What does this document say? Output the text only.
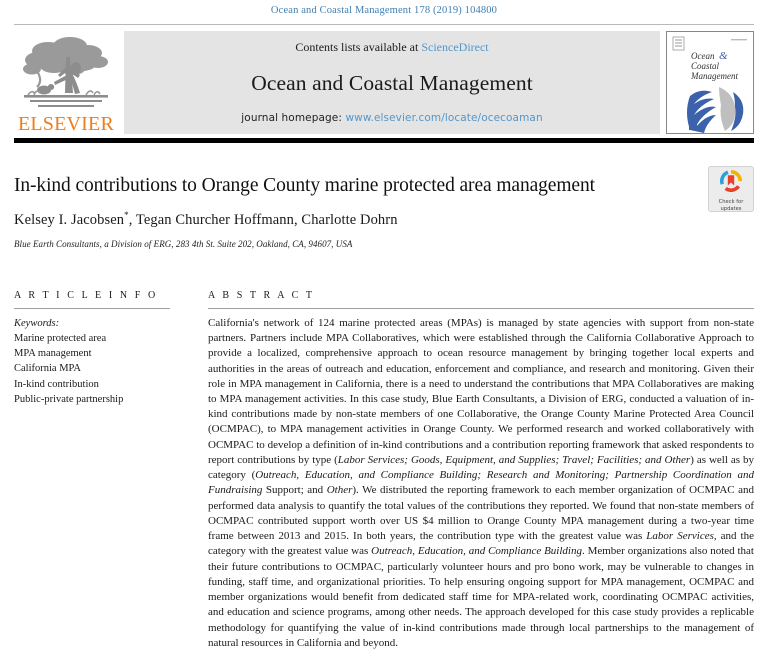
Ocean and Coastal Management 178 (2019) 104800
ELSEVIER
Contents lists available at ScienceDirect
Ocean and Coastal Management
journal homepage: www.elsevier.com/locate/ocecoaman
Ocean &
Coastal
Management
In-kind contributions to Orange County marine protected area management
Kelsey I. Jacobsen*, Tegan Churcher Hoffmann, Charlotte Dohrn
Blue Earth Consultants, a Division of ERG, 283 4th St. Suite 202, Oakland, CA, 94607, USA
Check for
updates
A R T I C L E I N F O
Keywords:
Marine protected area
MPA management
California MPA
In-kind contribution
Public-private partnership
A B S T R A C T
California's network of 124 marine protected areas (MPAs) is managed by state agencies with support from non-state partners. Partners include MPA Collaboratives, which were established through the California Collaborative Approach to provide a localized, comprehensive approach to ocean resource management by bringing together local experts and authorities in the areas of outreach and education, enforcement and compliance, and research and monitoring. Given their role in MPA management in California, there is a need to understand the contributions that MPA Collaboratives are making to MPA management activities. In this case study, Blue Earth Consultants, a Division of ERG, conducted a valuation of in-kind contributions made by non-state members of one Collaborative, the Orange County Marine Protected Area Council (OCMPAC), to MPA management activities in Orange County. We performed research and worked collaboratively with OCMPAC to develop a definition of in-kind contributions and a contribution reporting framework that asked respondents to report contributions by type (Labor Services; Goods, Equipment, and Supplies; Travel; Facilities; and Other) as well as by category (Outreach, Education, and Compliance Building; Research and Monitoring; Partnership Coordination and Fundraising Support; and Other). We distributed the reporting framework to each member organization of OCMPAC and performed data analysis to quantify the total values of the contributions they reported. We found that non-state members of OCMPAC contributed support worth over US $4 million to Orange County MPA management during a two-year time frame between 2013 and 2015. In both years, the contribution type with the greatest value was Labor Services, and the category with the greatest value was Outreach, Education, and Compliance Building. Member organizations also noted that their future contributions to OCMPAC, particularly volunteer hours and pro bono work, may be vulnerable to changes in funding, staff time, and organizational priorities. To help ensuring ongoing support for MPA management, OCMPAC and member organizations would benefit from dedicated staff time for MPA-related work, coordinating OCMPAC activities, and education and science programs, among other needs. The approach developed for this case study provides a replicable methodology for quantifying the value of in-kind contributions made through local partnerships to the management of natural resources in California and beyond.
